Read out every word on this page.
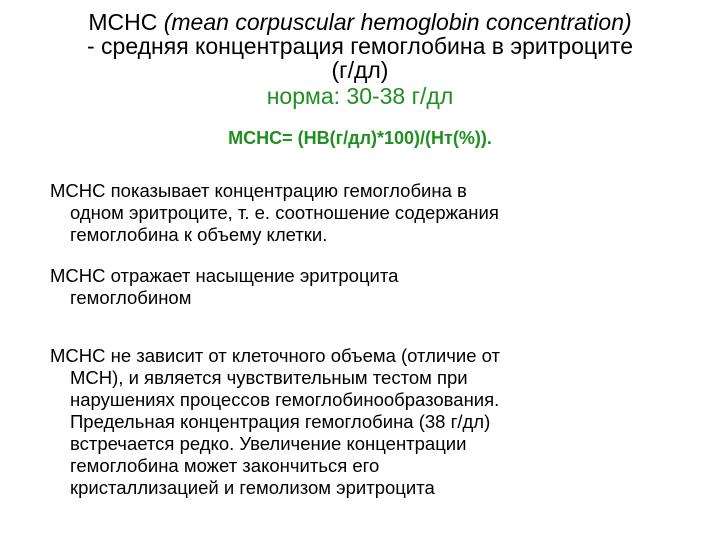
MCHC (mean corpuscular hemoglobin concentration)
- средняя концентрация гемоглобина в эритроците
(г/дл)
норма: 30-38 г/дл
MCHC= (HB(г/дл)*100)/(Hт(%)).
MCHC показывает концентрацию гемоглобина в
одном эритроците, т. е. соотношение содержания
гемоглобина к объему клетки.
MCHC отражает насыщение эритроцита
гемоглобином
MCHC не зависит от клеточного объема (отличие от
MCH), и является чувствительным тестом при
нарушениях процессов гемоглобинообразования.
Предельная концентрация гемоглобина (38 г/дл)
встречается редко. Увеличение концентрации
гемоглобина может закончиться его
кристаллизацией и гемолизом эритроцита
